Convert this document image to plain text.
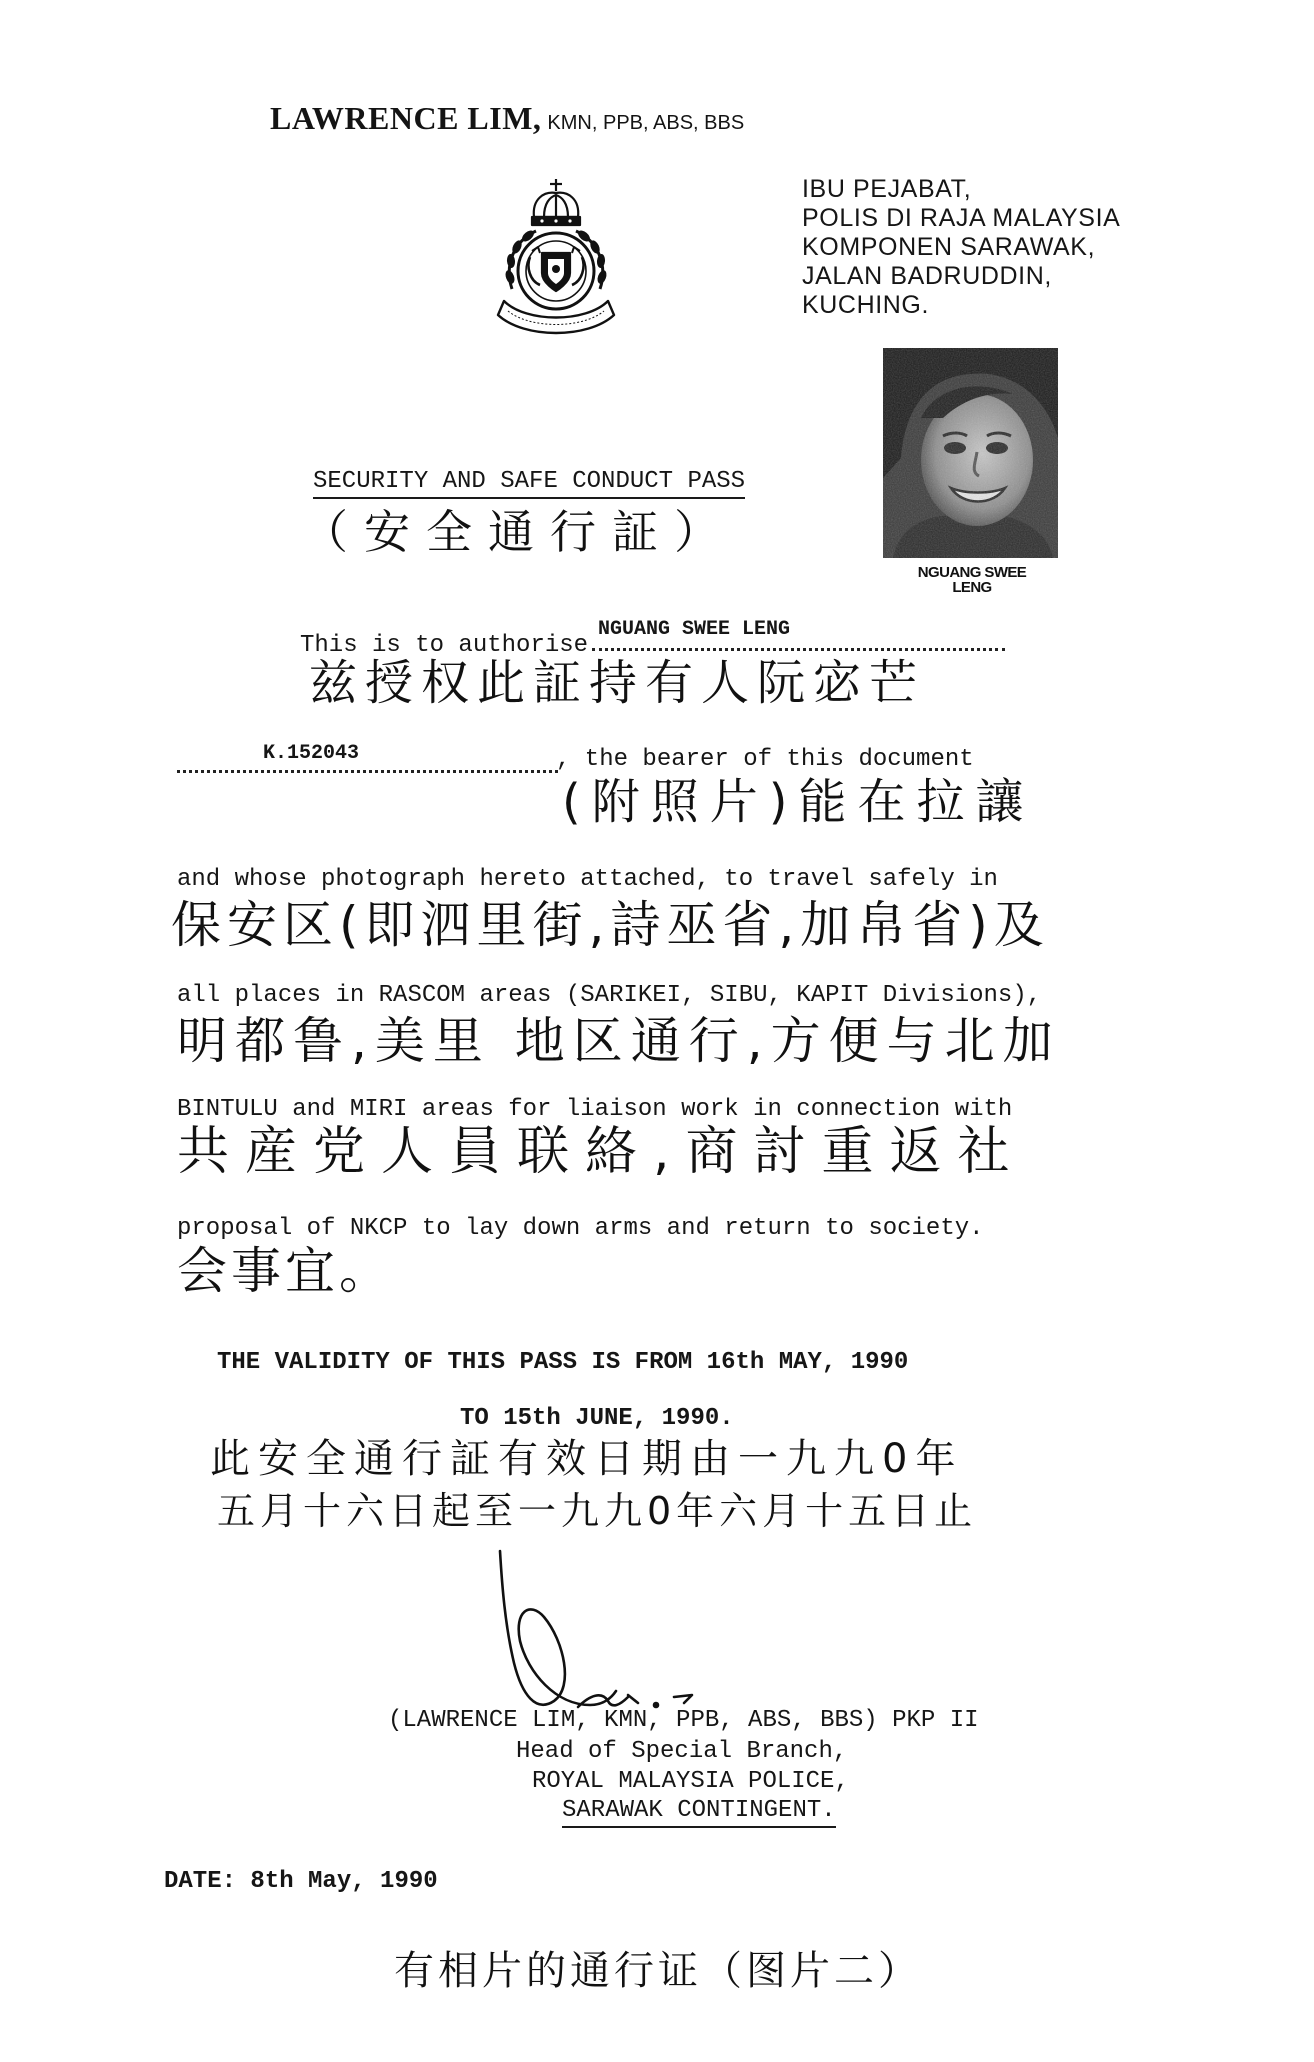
LAWRENCE LIM, KMN, PPB, ABS, BBS
IBU PEJABAT,
POLIS DI RAJA MALAYSIA
KOMPONEN SARAWAK,
JALAN BADRUDDIN,
KUCHING.
NGUANG SWEE
LENG
SECURITY AND SAFE CONDUCT PASS
（安全通行証）
This is to authorise
NGUANG SWEE LENG
兹授权此証持有人阮宓芒
K.152043	, the bearer of this document
(附照片)能在拉讓
and whose photograph hereto attached, to travel safely in
保安区(即泗里街,詩巫省,加帛省)及
all places in RASCOM areas (SARIKEI, SIBU, KAPIT Divisions),
明都鲁,美里 地区通行,方便与北加
BINTULU and MIRI areas for liaison work in connection with
共産党人員联絡,商討重返社
proposal of NKCP to lay down arms and return to society.
会事宜。
THE VALIDITY OF THIS PASS IS FROM 16th MAY, 1990
TO 15th JUNE, 1990.
此安全通行証有效日期由一九九0年
五月十六日起至一九九0年六月十五日止
(LAWRENCE LIM, KMN, PPB, ABS, BBS) PKP II
Head of Special Branch,
ROYAL MALAYSIA POLICE,
SARAWAK CONTINGENT.
DATE: 8th May, 1990
有相片的通行证（图片二）
